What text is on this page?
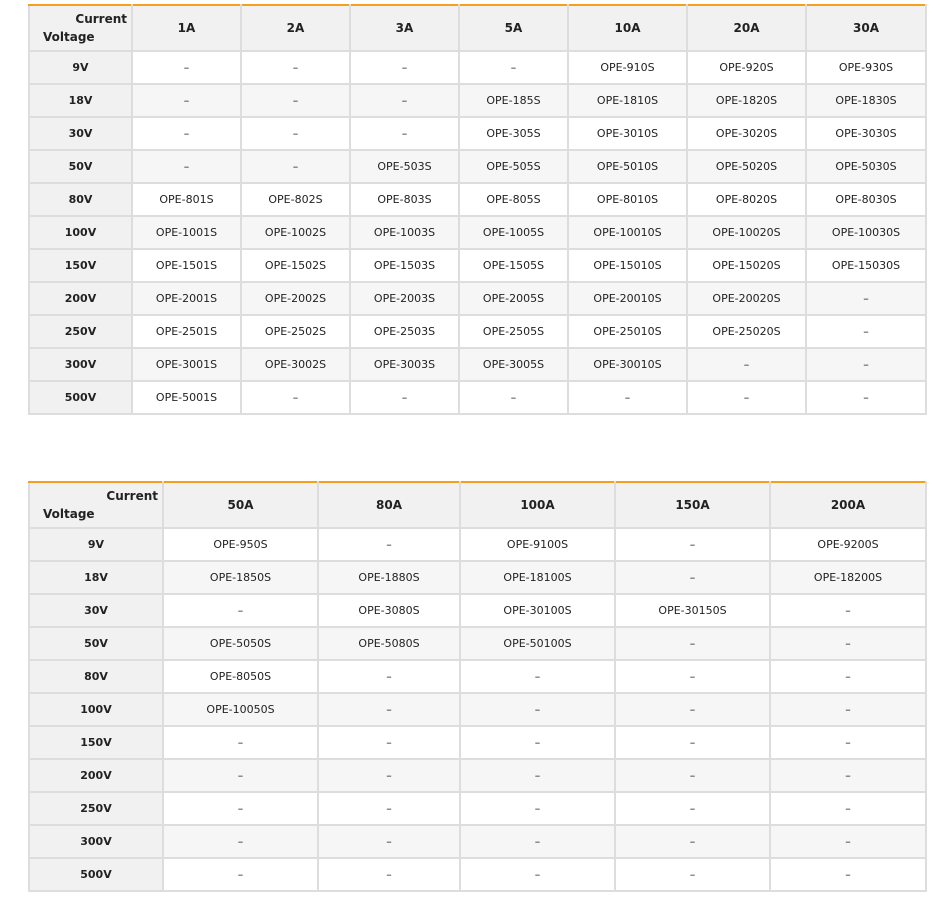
Current
Voltage	1A	2A	3A	5A	10A	20A	30A
9V	–	–	–	–	OPE-910S	OPE-920S	OPE-930S
18V	–	–	–	OPE-185S	OPE-1810S	OPE-1820S	OPE-1830S
30V	–	–	–	OPE-305S	OPE-3010S	OPE-3020S	OPE-3030S
50V	–	–	OPE-503S	OPE-505S	OPE-5010S	OPE-5020S	OPE-5030S
80V	OPE-801S	OPE-802S	OPE-803S	OPE-805S	OPE-8010S	OPE-8020S	OPE-8030S
100V	OPE-1001S	OPE-1002S	OPE-1003S	OPE-1005S	OPE-10010S	OPE-10020S	OPE-10030S
150V	OPE-1501S	OPE-1502S	OPE-1503S	OPE-1505S	OPE-15010S	OPE-15020S	OPE-15030S
200V	OPE-2001S	OPE-2002S	OPE-2003S	OPE-2005S	OPE-20010S	OPE-20020S	–
250V	OPE-2501S	OPE-2502S	OPE-2503S	OPE-2505S	OPE-25010S	OPE-25020S	–
300V	OPE-3001S	OPE-3002S	OPE-3003S	OPE-3005S	OPE-30010S	–	–
500V	OPE-5001S	–	–	–	–	–	–
Current
Voltage	50A	80A	100A	150A	200A
9V	OPE-950S	–	OPE-9100S	–	OPE-9200S
18V	OPE-1850S	OPE-1880S	OPE-18100S	–	OPE-18200S
30V	–	OPE-3080S	OPE-30100S	OPE-30150S	–
50V	OPE-5050S	OPE-5080S	OPE-50100S	–	–
80V	OPE-8050S	–	–	–	–
100V	OPE-10050S	–	–	–	–
150V	–	–	–	–	–
200V	–	–	–	–	–
250V	–	–	–	–	–
300V	–	–	–	–	–
500V	–	–	–	–	–
